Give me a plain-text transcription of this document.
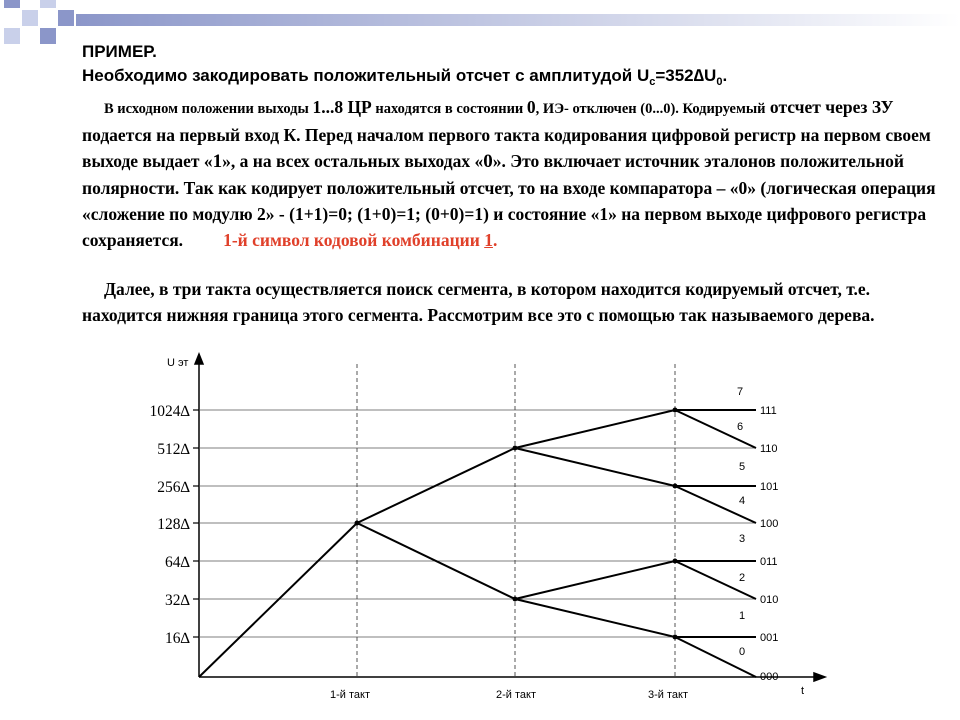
ПРИМЕР.
Необходимо закодировать положительный отсчет с амплитудой $U_с=352\Delta U_0$.

В исходном положении выходы 1...8 ЦР находятся в состоянии 0, ИЭ- отключен (0...0). Кодируемый отсчет через ЗУ подается на первый вход К. Перед началом первого такта кодирования цифровой регистр на первом своем выходе выдает «1», а на всех остальных выходах «0». Это включает источник эталонов положительной полярности. Так как кодирует положительный отсчет, то на входе компаратора – «0» (логическая операция «сложение по модулю 2» - (1+1)=0; (1+0)=1; (0+0)=1) и состояние «1» на первом выходе цифрового регистра сохраняется. 1-й символ кодовой комбинации 1.

Далее, в три такта осуществляется поиск сегмента, в котором находится кодируемый отсчет, т.е. находится нижняя граница этого сегмента. Рассмотрим все это с помощью так называемого дерева.

U эт
t
1024∆
512∆
256∆
128∆
64∆
32∆
16∆
1-й такт	2-й такт	3-й такт
7
6
5
4
3
2
1
0
111
110
101
100
011
010
001
000
